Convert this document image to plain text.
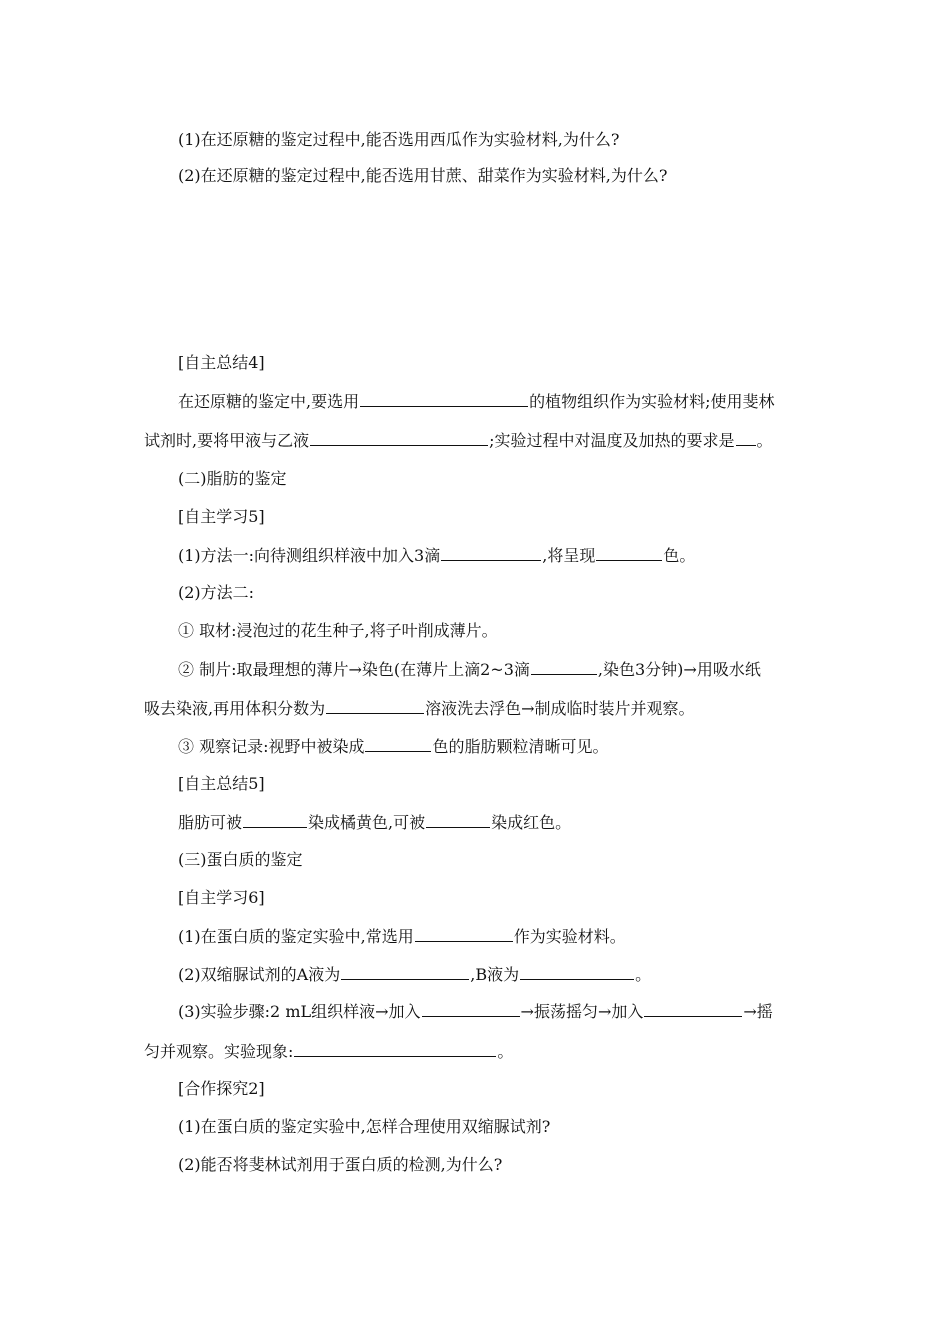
(1)在还原糖的鉴定过程中,能否选用西瓜作为实验材料,为什么?
(2)在还原糖的鉴定过程中,能否选用甘蔗、甜菜作为实验材料,为什么?
[自主总结4]
在还原糖的鉴定中,要选用	的植物组织作为实验材料;使用斐林
试剂时,要将甲液与乙液	;实验过程中对温度及加热的要求是 。
(二)脂肪的鉴定
[自主学习5]
(1)方法一:向待测组织样液中加入3滴	,将呈现	色。
(2)方法二:
① 取材:浸泡过的花生种子,将子叶削成薄片。
② 制片:取最理想的薄片→染色(在薄片上滴2~3滴	,染色3分钟)→用吸水纸
吸去染液,再用体积分数为	溶液洗去浮色→制成临时装片并观察。
③ 观察记录:视野中被染成	色的脂肪颗粒清晰可见。
[自主总结5]
脂肪可被	染成橘黄色,可被	染成红色。
(三)蛋白质的鉴定
[自主学习6]
(1)在蛋白质的鉴定实验中,常选用	作为实验材料。
(2)双缩脲试剂的A液为	,B液为	。
(3)实验步骤:2 mL组织样液→加入	→振荡摇匀→加入	→摇
匀并观察。实验现象:	。
[合作探究2]
(1)在蛋白质的鉴定实验中,怎样合理使用双缩脲试剂?
(2)能否将斐林试剂用于蛋白质的检测,为什么?
